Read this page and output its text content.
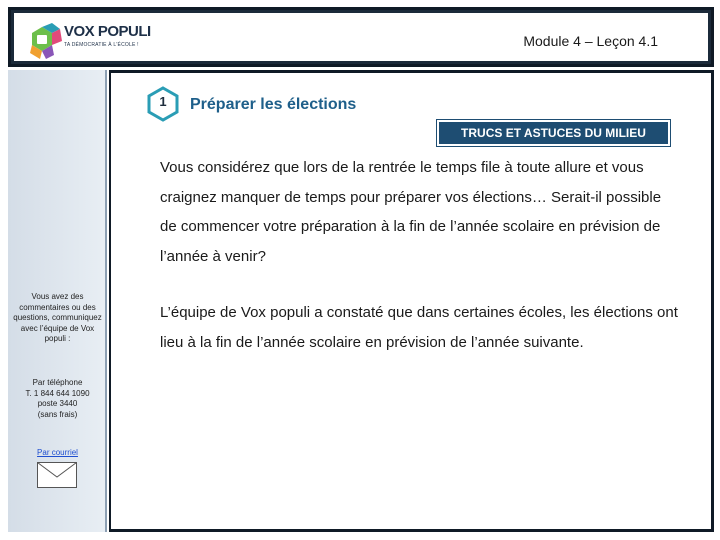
VOX POPULI
TA DÉMOCRATIE À L'ÉCOLE !	Module 4 – Leçon 4.1
Vous avez des commentaires ou des questions, communiquez avec l’équipe de Vox populi :
Par téléphone
T. 1 844 644 1090
poste 3440
(sans frais)
Par courriel
1	Préparer les élections
TRUCS ET ASTUCES DU MILIEU
Vous considérez que lors de la rentrée le temps file à toute allure et vous craignez manquer de temps pour préparer vos élections… Serait-il possible de commencer votre préparation à la fin de l’année scolaire en prévision de l’année à venir?
L’équipe de Vox populi a constaté que dans certaines écoles, les élections ont lieu à la fin de l’année scolaire en prévision de l’année suivante.
